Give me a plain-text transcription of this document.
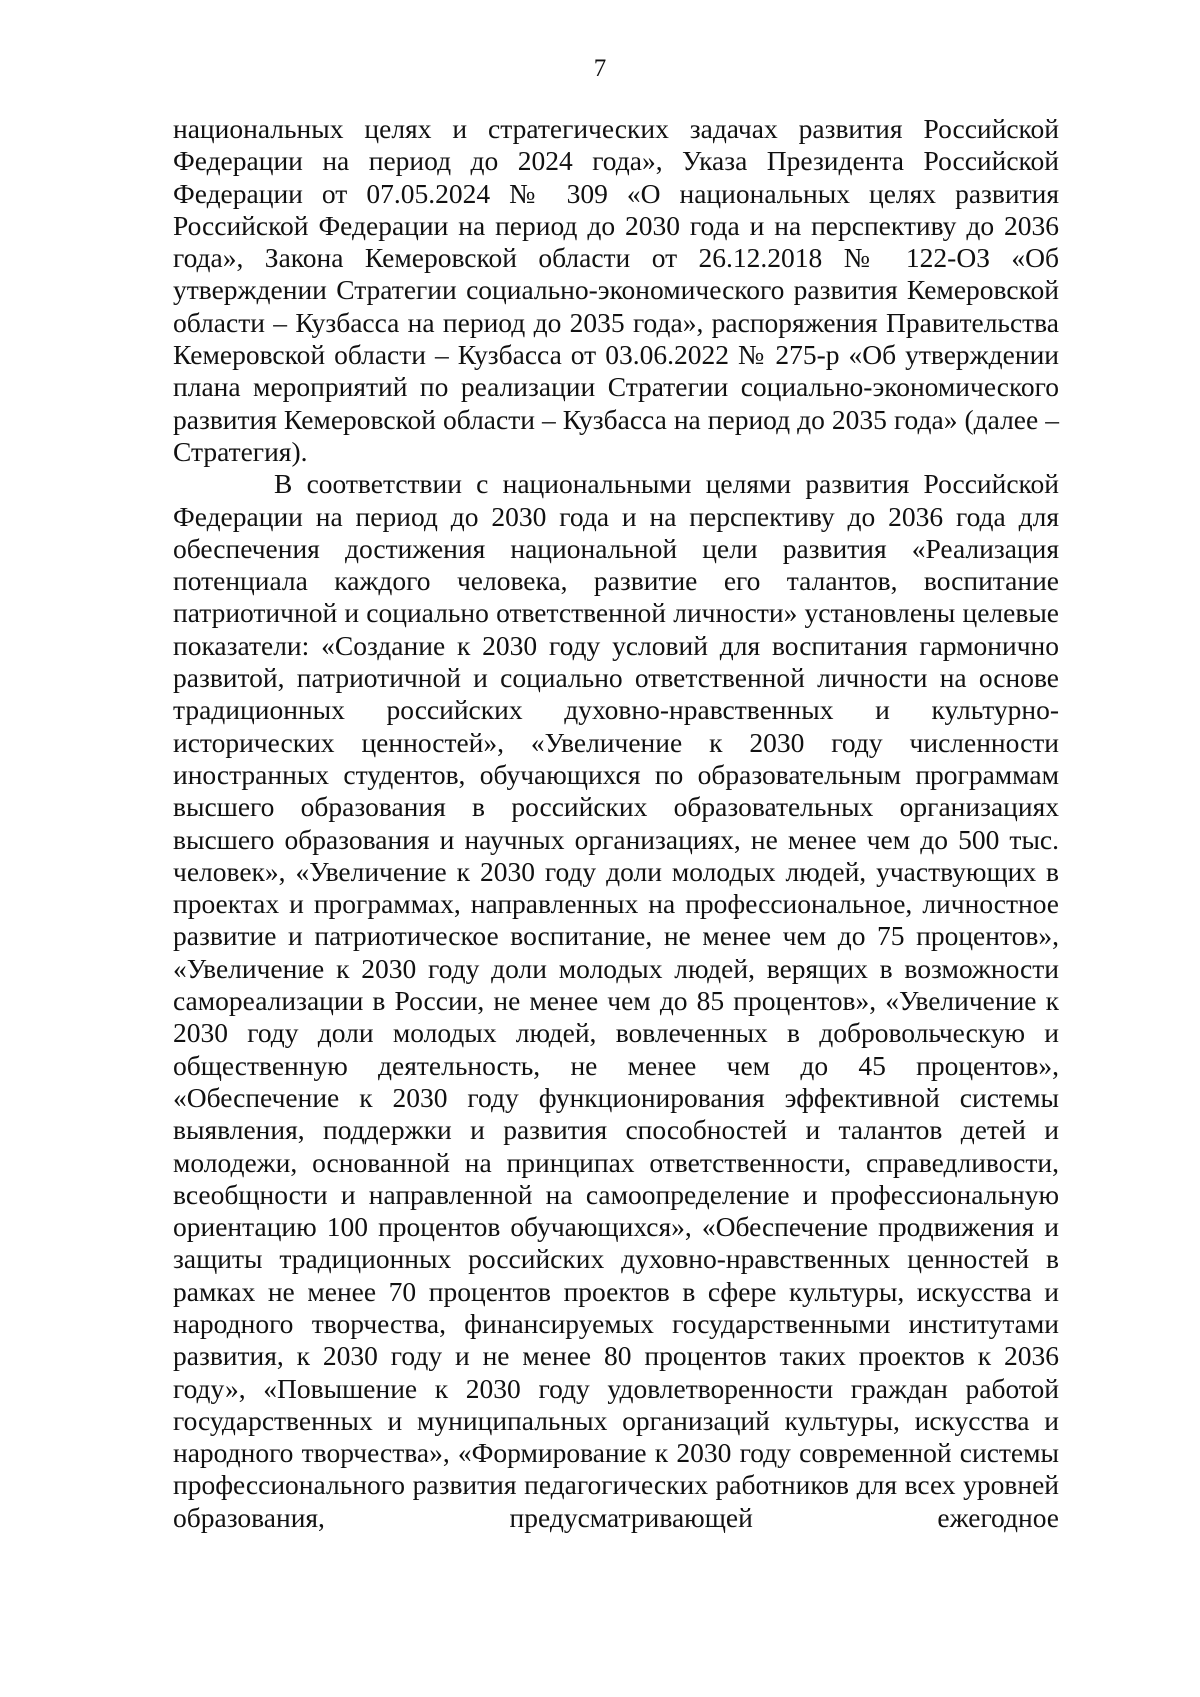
7

национальных целях и стратегических задачах развития Российской Федерации на период до 2024 года», Указа Президента Российской Федерации от 07.05.2024 № 309 «О национальных целях развития Российской Федерации на период до 2030 года и на перспективу до 2036 года», Закона Кемеровской области от 26.12.2018 № 122-ОЗ «Об утверждении Стратегии социально-экономического развития Кемеровской области – Кузбасса на период до 2035 года», распоряжения Правительства Кемеровской области – Кузбасса от 03.06.2022 № 275-р «Об утверждении плана мероприятий по реализации Стратегии социально-экономического развития Кемеровской области – Кузбасса на период до 2035 года» (далее – Стратегия).

В соответствии с национальными целями развития Российской Федерации на период до 2030 года и на перспективу до 2036 года для обеспечения достижения национальной цели развития «Реализация потенциала каждого человека, развитие его талантов, воспитание патриотичной и социально ответственной личности» установлены целевые показатели: «Создание к 2030 году условий для воспитания гармонично развитой, патриотичной и социально ответственной личности на основе традиционных российских духовно-нравственных и культурно-исторических ценностей», «Увеличение к 2030 году численности иностранных студентов, обучающихся по образовательным программам высшего образования в российских образовательных организациях высшего образования и научных организациях, не менее чем до 500 тыс. человек», «Увеличение к 2030 году доли молодых людей, участвующих в проектах и программах, направленных на профессиональное, личностное развитие и патриотическое воспитание, не менее чем до 75 процентов», «Увеличение к 2030 году доли молодых людей, верящих в возможности самореализации в России, не менее чем до 85 процентов», «Увеличение к 2030 году доли молодых людей, вовлеченных в добровольческую и общественную деятельность, не менее чем до 45 процентов», «Обеспечение к 2030 году функционирования эффективной системы выявления, поддержки и развития способностей и талантов детей и молодежи, основанной на принципах ответственности, справедливости, всеобщности и направленной на самоопределение и профессиональную ориентацию 100 процентов обучающихся», «Обеспечение продвижения и защиты традиционных российских духовно-нравственных ценностей в рамках не менее 70 процентов проектов в сфере культуры, искусства и народного творчества, финансируемых государственными институтами развития, к 2030 году и не менее 80 процентов таких проектов к 2036 году», «Повышение к 2030 году удовлетворенности граждан работой государственных и муниципальных организаций культуры, искусства и народного творчества», «Формирование к 2030 году современной системы профессионального развития педагогических работников для всех уровней образования, предусматривающей ежегодное
